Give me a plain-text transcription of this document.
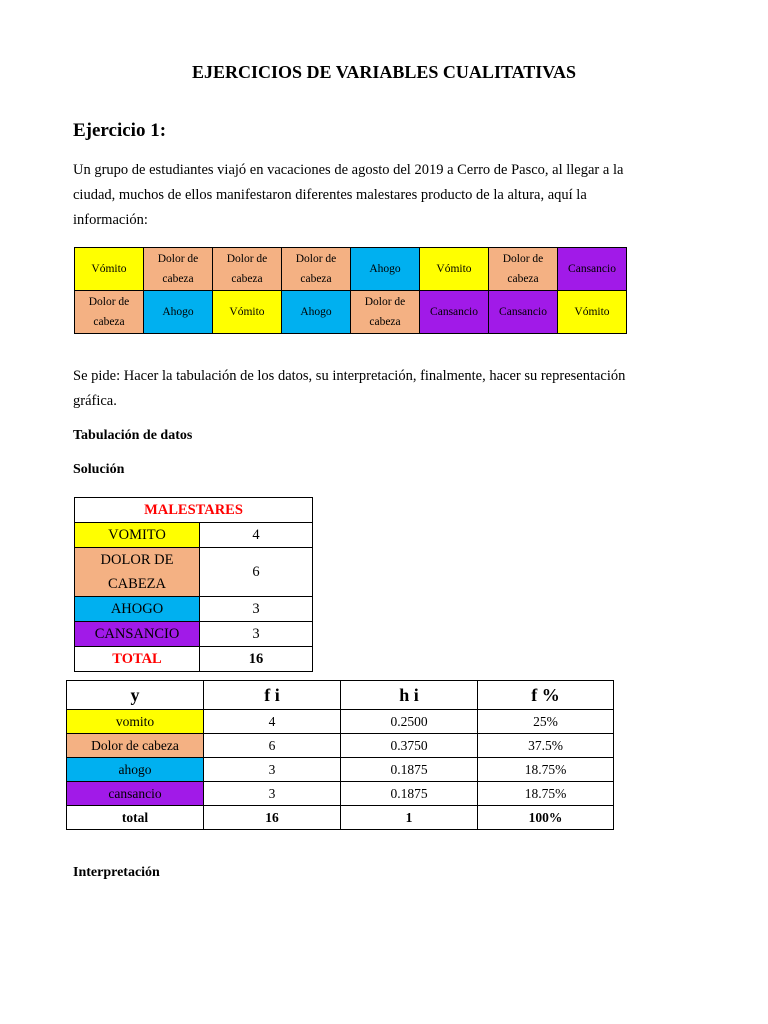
EJERCICIOS DE VARIABLES CUALITATIVAS
Ejercicio 1:
Un grupo de estudiantes viajó en vacaciones de agosto del 2019 a Cerro de Pasco, al llegar a la
ciudad, muchos de ellos manifestaron diferentes malestares producto de la altura, aquí la
información:
Vómito	Dolor de cabeza	Dolor de cabeza	Dolor de cabeza	Ahogo	Vómito	Dolor de cabeza	Cansancio
Dolor de cabeza	Ahogo	Vómito	Ahogo	Dolor de cabeza	Cansancio	Cansancio	Vómito
Se pide: Hacer la tabulación de los datos, su interpretación, finalmente, hacer su representación
gráfica.
Tabulación de datos
Solución
MALESTARES	
VOMITO	4
DOLOR DE CABEZA	6
AHOGO	3
CANSANCIO	3
TOTAL	16
y	f i	h i	f %
vomito	4	0.2500	25%
Dolor de cabeza	6	0.3750	37.5%
ahogo	3	0.1875	18.75%
cansancio	3	0.1875	18.75%
total	16	1	100%
Interpretación
